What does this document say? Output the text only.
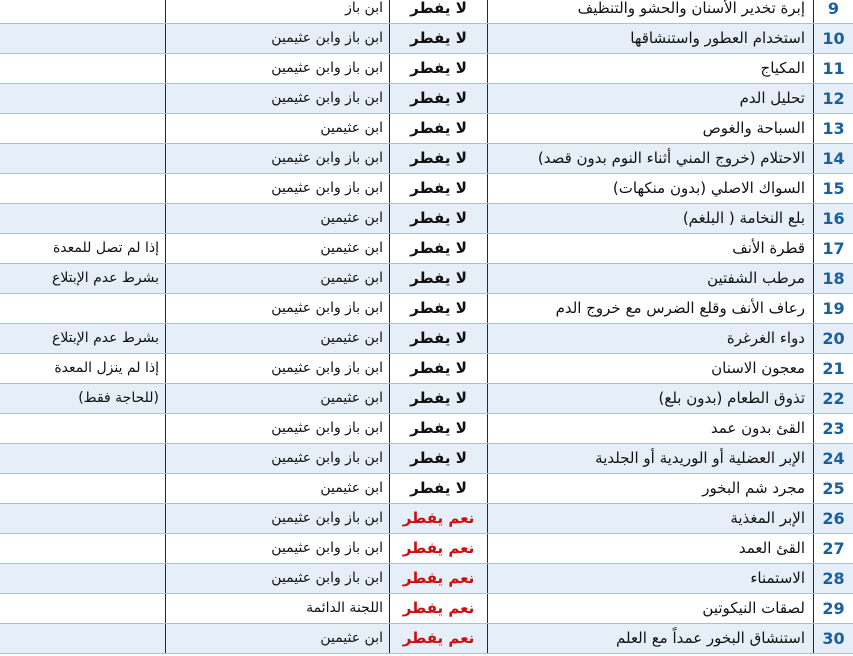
9
إبرة تخدير الأسنان والحشو والتنظيف
لا يفطر
ابن باز
10
استخدام العطور واستنشاقها
لا يفطر
ابن باز وابن عثيمين
11
المكياج
لا يفطر
ابن باز وابن عثيمين
12
تحليل الدم
لا يفطر
ابن باز وابن عثيمين
13
السباحة والغوص
لا يفطر
ابن عثيمين
14
الاحتلام (خروج المني أثناء النوم بدون قصد)
لا يفطر
ابن باز وابن عثيمين
15
السواك الاصلي (بدون منكهات)
لا يفطر
ابن باز وابن عثيمين
16
بلع النخامة ( البلغم)
لا يفطر
ابن عثيمين
17
قطرة الأنف
لا يفطر
ابن عثيمين
إذا لم تصل للمعدة
18
مرطب الشفتين
لا يفطر
ابن عثيمين
بشرط عدم الإبتلاع
19
رعاف الأنف وقلع الضرس مع خروج الدم
لا يفطر
ابن باز وابن عثيمين
20
دواء الغرغرة
لا يفطر
ابن عثيمين
بشرط عدم الإبتلاع
21
معجون الاسنان
لا يفطر
ابن باز وابن عثيمين
إذا لم ينزل المعدة
22
تذوق الطعام (بدون بلع)
لا يفطر
ابن عثيمين
(للحاجة فقط)
23
القئ بدون عمد
لا يفطر
ابن باز وابن عثيمين
24
الإبر العضلية أو الوريدية أو الجلدية
لا يفطر
ابن باز وابن عثيمين
25
مجرد شم البخور
لا يفطر
ابن عثيمين
26
الإبر المغذية
نعم يفطر
ابن باز وابن عثيمين
27
القئ العمد
نعم يفطر
ابن باز وابن عثيمين
28
الاستمناء
نعم يفطر
ابن باز وابن عثيمين
29
لصقات النيكوتين
نعم يفطر
اللجنة الدائمة
30
استنشاق البخور عمداً مع العلم
نعم يفطر
ابن عثيمين
